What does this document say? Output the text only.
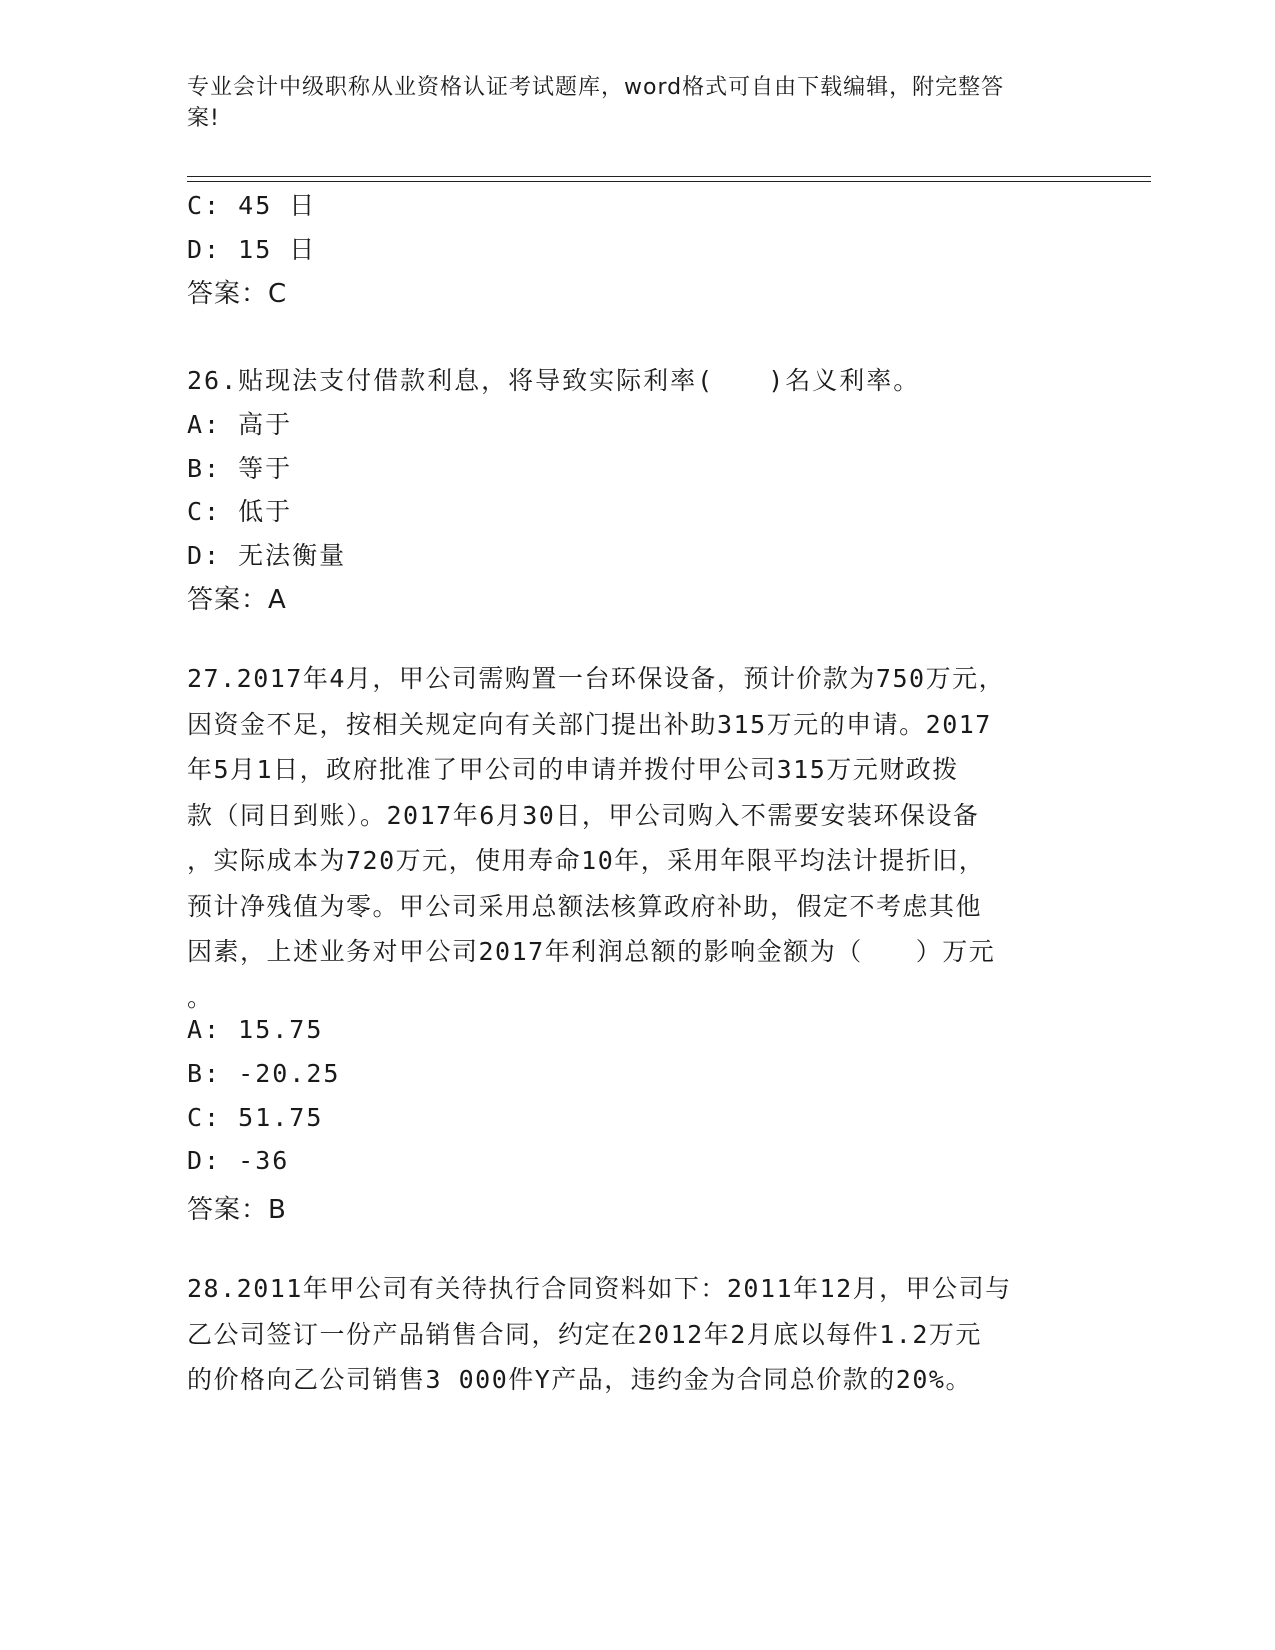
专业会计中级职称从业资格认证考试题库，word格式可自由下载编辑，附完整答
案!
C: 45 日
D: 15 日
答案：C
26.贴现法支付借款利息，将导致实际利率(　　)名义利率。
A: 高于
B: 等于
C: 低于
D: 无法衡量
答案：A
27.2017年4月，甲公司需购置一台环保设备，预计价款为750万元，
因资金不足，按相关规定向有关部门提出补助315万元的申请。2017
年5月1日，政府批准了甲公司的申请并拨付甲公司315万元财政拨
款（同日到账）。2017年6月30日，甲公司购入不需要安装环保设备
，实际成本为720万元，使用寿命10年，采用年限平均法计提折旧，
预计净残值为零。甲公司采用总额法核算政府补助，假定不考虑其他
因素，上述业务对甲公司2017年利润总额的影响金额为（　　）万元
。
A: 15.75
B: -20.25
C: 51.75
D: -36
答案：B
28.2011年甲公司有关待执行合同资料如下：2011年12月，甲公司与
乙公司签订一份产品销售合同，约定在2012年2月底以每件1.2万元
的价格向乙公司销售3 000件Y产品，违约金为合同总价款的20%。
